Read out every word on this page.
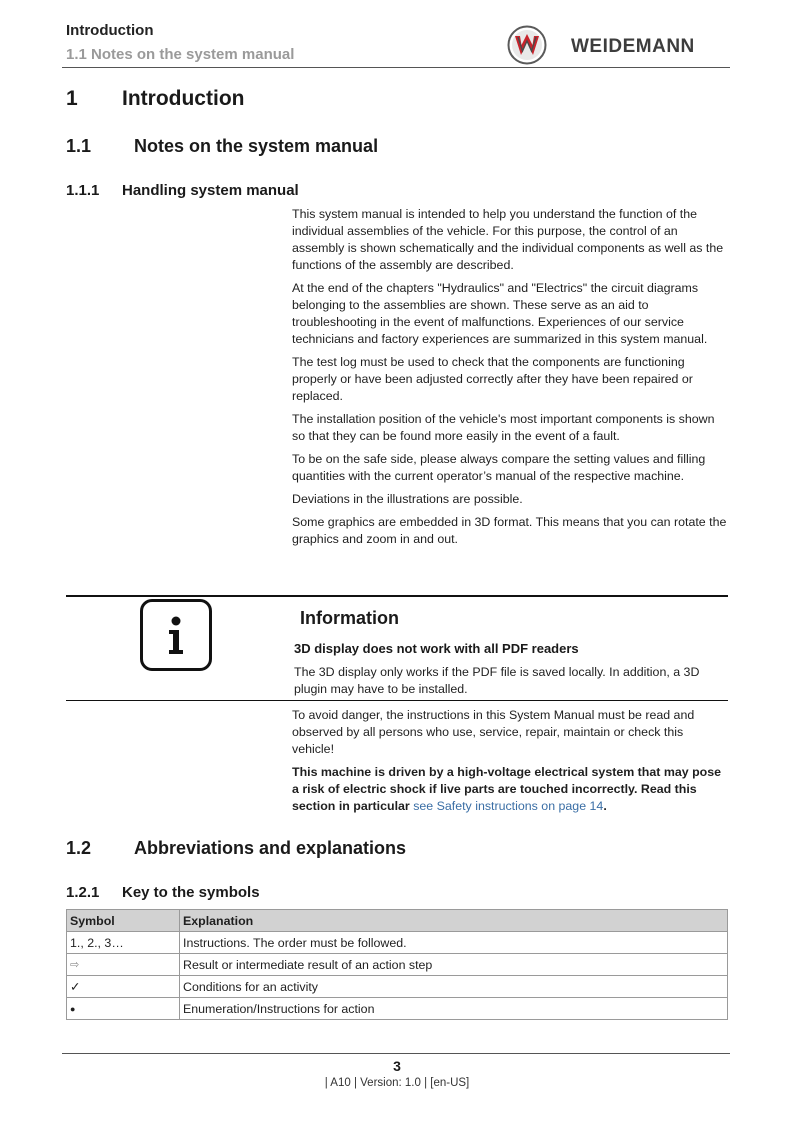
Introduction
1.1 Notes on the system manual	WEIDEMANN
1 Introduction
1.1 Notes on the system manual
1.1.1 Handling system manual

This system manual is intended to help you understand the function of the individual assemblies of the vehicle. For this purpose, the control of an assembly is shown schematically and the individual components as well as the functions of the assembly are described.

At the end of the chapters "Hydraulics" and "Electrics" the circuit diagrams belonging to the assemblies are shown. These serve as an aid to troubleshooting in the event of malfunctions. Experiences of our service technicians and factory experiences are summarized in this system manual.

The test log must be used to check that the components are functioning properly or have been adjusted correctly after they have been repaired or replaced.

The installation position of the vehicle's most important components is shown so that they can be found more easily in the event of a fault.

To be on the safe side, please always compare the setting values and filling quantities with the current operator’s manual of the respective machine.

Deviations in the illustrations are possible.

Some graphics are embedded in 3D format. This means that you can rotate the graphics and zoom in and out.

Information
3D display does not work with all PDF readers
The 3D display only works if the PDF file is saved locally. In addition, a 3D plugin may have to be installed.

To avoid danger, the instructions in this System Manual must be read and observed by all persons who use, service, repair, maintain or check this vehicle!

This machine is driven by a high-voltage electrical system that may pose a risk of electric shock if live parts are touched incorrectly. Read this section in particular see Safety instructions on page 14.

1.2 Abbreviations and explanations
1.2.1 Key to the symbols
Symbol	Explanation
1., 2., 3…	Instructions. The order must be followed.
⇨	Result or intermediate result of an action step
✓	Conditions for an activity
●	Enumeration/Instructions for action
3
| A10 | Version: 1.0 | [en-US]
